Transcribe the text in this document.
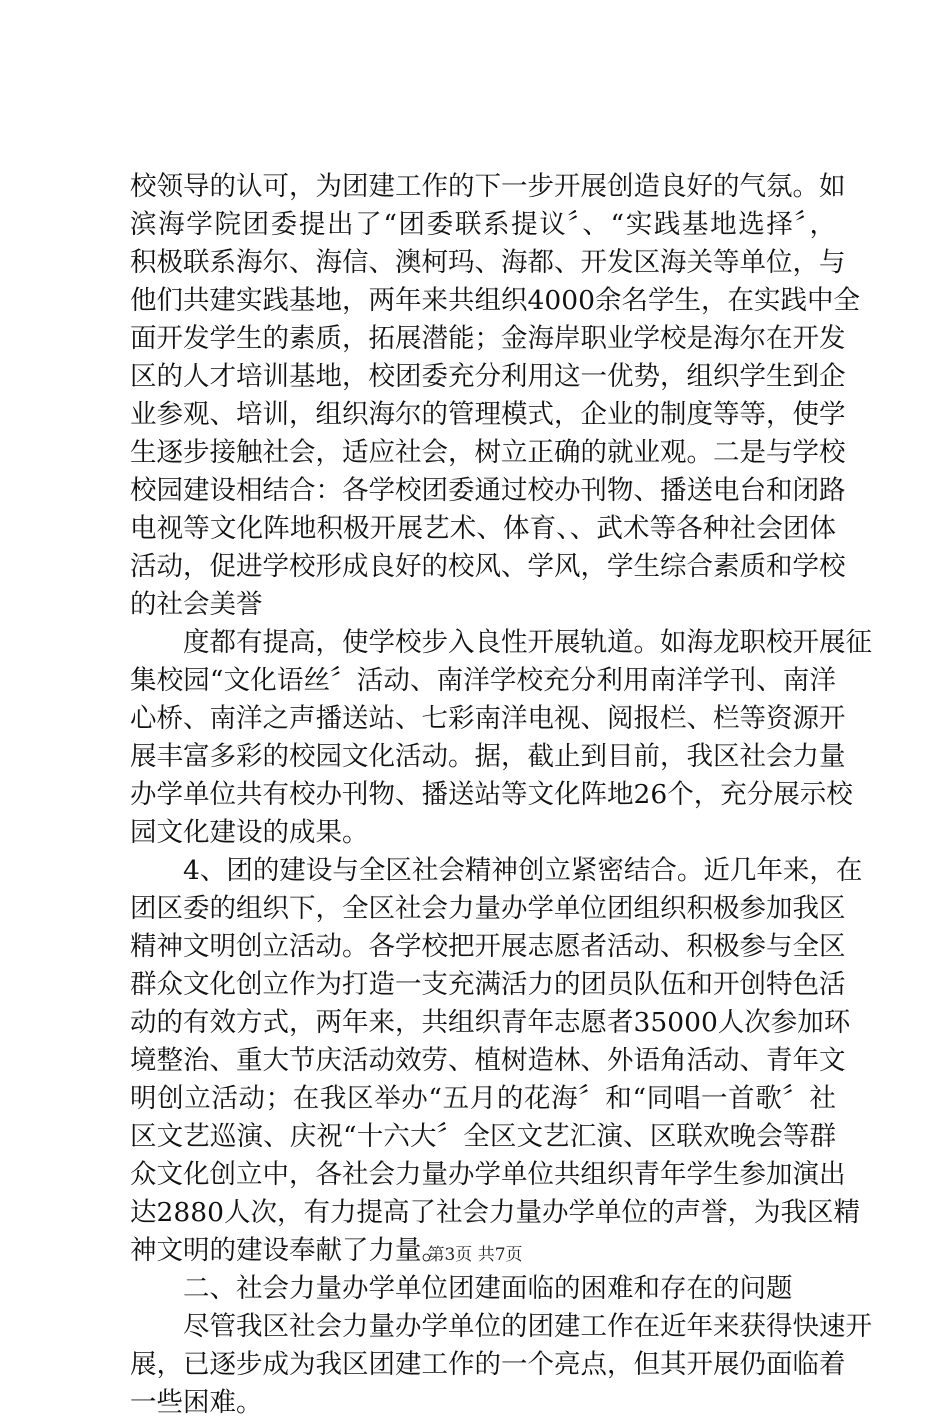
校领导的认可，为团建工作的下一步开展创造良好的气氛。如
滨海学院团委提出了“团委联系提议〞、“实践基地选择〞，
积极联系海尔、海信、澳柯玛、海都、开发区海关等单位，与
他们共建实践基地，两年来共组织4000余名学生，在实践中全
面开发学生的素质，拓展潜能；金海岸职业学校是海尔在开发
区的人才培训基地，校团委充分利用这一优势，组织学生到企
业参观、培训，组织海尔的管理模式，企业的制度等等，使学
生逐步接触社会，适应社会，树立正确的就业观。二是与学校
校园建设相结合：各学校团委通过校办刊物、播送电台和闭路
电视等文化阵地积极开展艺术、体育、、武术等各种社会团体
活动，促进学校形成良好的校风、学风，学生综合素质和学校
的社会美誉
度都有提高，使学校步入良性开展轨道。如海龙职校开展征
集校园“文化语丝〞活动、南洋学校充分利用南洋学刊、南洋
心桥、南洋之声播送站、七彩南洋电视、阅报栏、栏等资源开
展丰富多彩的校园文化活动。据，截止到目前，我区社会力量
办学单位共有校办刊物、播送站等文化阵地26个，充分展示校
园文化建设的成果。
4、团的建设与全区社会精神创立紧密结合。近几年来，在
团区委的组织下，全区社会力量办学单位团组织积极参加我区
精神文明创立活动。各学校把开展志愿者活动、积极参与全区
群众文化创立作为打造一支充满活力的团员队伍和开创特色活
动的有效方式，两年来，共组织青年志愿者35000人次参加环
境整治、重大节庆活动效劳、植树造林、外语角活动、青年文
明创立活动；在我区举办“五月的花海〞和“同唱一首歌〞社
区文艺巡演、庆祝“十六大〞全区文艺汇演、区联欢晚会等群
众文化创立中，各社会力量办学单位共组织青年学生参加演出
达2880人次，有力提高了社会力量办学单位的声誉，为我区精
神文明的建设奉献了力量。
二、社会力量办学单位团建面临的困难和存在的问题
尽管我区社会力量办学单位的团建工作在近年来获得快速开
展，已逐步成为我区团建工作的一个亮点，但其开展仍面临着
一些困难。
第3页 共7页
